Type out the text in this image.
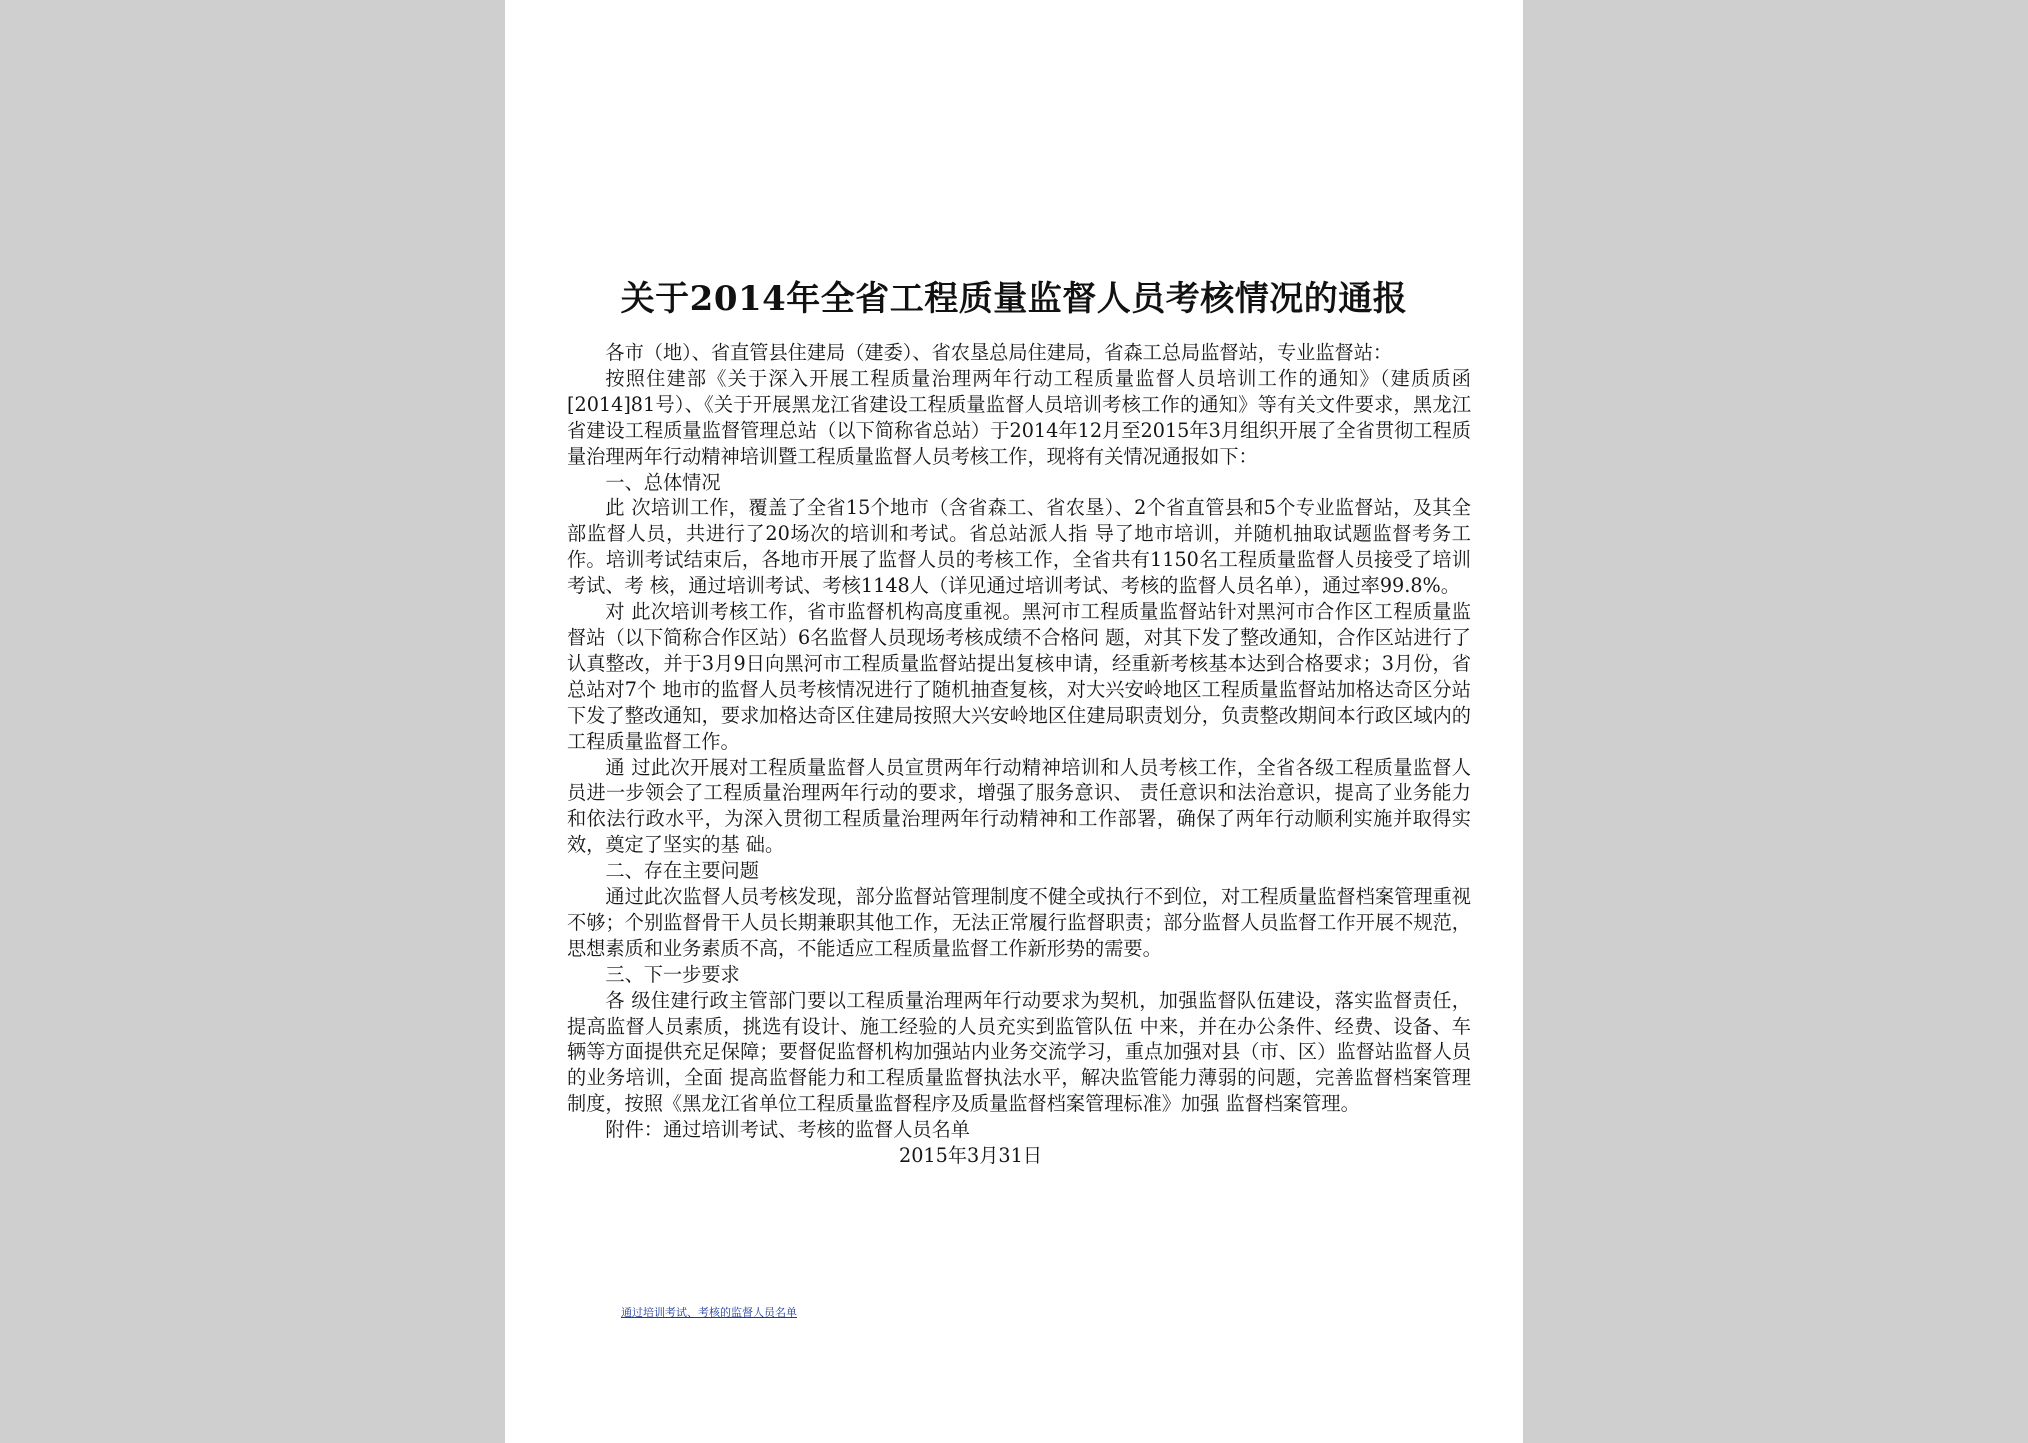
关于2014年全省工程质量监督人员考核情况的通报

各市（地）、省直管县住建局（建委）、省农垦总局住建局，省森工总局监督站，专业监督站：

按照住建部《关于深入开展工程质量治理两年行动工程质量监督人员培训工作的通知》（建质质函[2014]81号）、《关于开展黑龙江省建设工程质量监督人员培训考核工作的通知》等有关文件要求，黑龙江省建设工程质量监督管理总站（以下简称省总站）于2014年12月至2015年3月组织开展了全省贯彻工程质量治理两年行动精神培训暨工程质量监督人员考核工作，现将有关情况通报如下：

一、总体情况

此 次培训工作，覆盖了全省15个地市（含省森工、省农垦）、2个省直管县和5个专业监督站，及其全部监督人员，共进行了20场次的培训和考试。省总站派人指 导了地市培训，并随机抽取试题监督考务工作。培训考试结束后，各地市开展了监督人员的考核工作，全省共有1150名工程质量监督人员接受了培训考试、考 核，通过培训考试、考核1148人（详见通过培训考试、考核的监督人员名单），通过率99.8%。

对 此次培训考核工作，省市监督机构高度重视。黑河市工程质量监督站针对黑河市合作区工程质量监督站（以下简称合作区站）6名监督人员现场考核成绩不合格问 题，对其下发了整改通知，合作区站进行了认真整改，并于3月9日向黑河市工程质量监督站提出复核申请，经重新考核基本达到合格要求；3月份，省总站对7个 地市的监督人员考核情况进行了随机抽查复核，对大兴安岭地区工程质量监督站加格达奇区分站下发了整改通知，要求加格达奇区住建局按照大兴安岭地区住建局职责划分，负责整改期间本行政区域内的工程质量监督工作。

通 过此次开展对工程质量监督人员宣贯两年行动精神培训和人员考核工作，全省各级工程质量监督人员进一步领会了工程质量治理两年行动的要求，增强了服务意识、 责任意识和法治意识，提高了业务能力和依法行政水平，为深入贯彻工程质量治理两年行动精神和工作部署，确保了两年行动顺利实施并取得实效，奠定了坚实的基 础。

二、存在主要问题

通过此次监督人员考核发现，部分监督站管理制度不健全或执行不到位，对工程质量监督档案管理重视不够；个别监督骨干人员长期兼职其他工作，无法正常履行监督职责；部分监督人员监督工作开展不规范，思想素质和业务素质不高，不能适应工程质量监督工作新形势的需要。

三、下一步要求

各 级住建行政主管部门要以工程质量治理两年行动要求为契机，加强监督队伍建设，落实监督责任，提高监督人员素质，挑选有设计、施工经验的人员充实到监管队伍 中来，并在办公条件、经费、设备、车辆等方面提供充足保障；要督促监督机构加强站内业务交流学习，重点加强对县（市、区）监督站监督人员的业务培训，全面 提高监督能力和工程质量监督执法水平，解决监管能力薄弱的问题，完善监督档案管理制度，按照《黑龙江省单位工程质量监督程序及质量监督档案管理标准》加强 监督档案管理。

附件：通过培训考试、考核的监督人员名单

2015年3月31日

通过培训考试、考核的监督人员名单
